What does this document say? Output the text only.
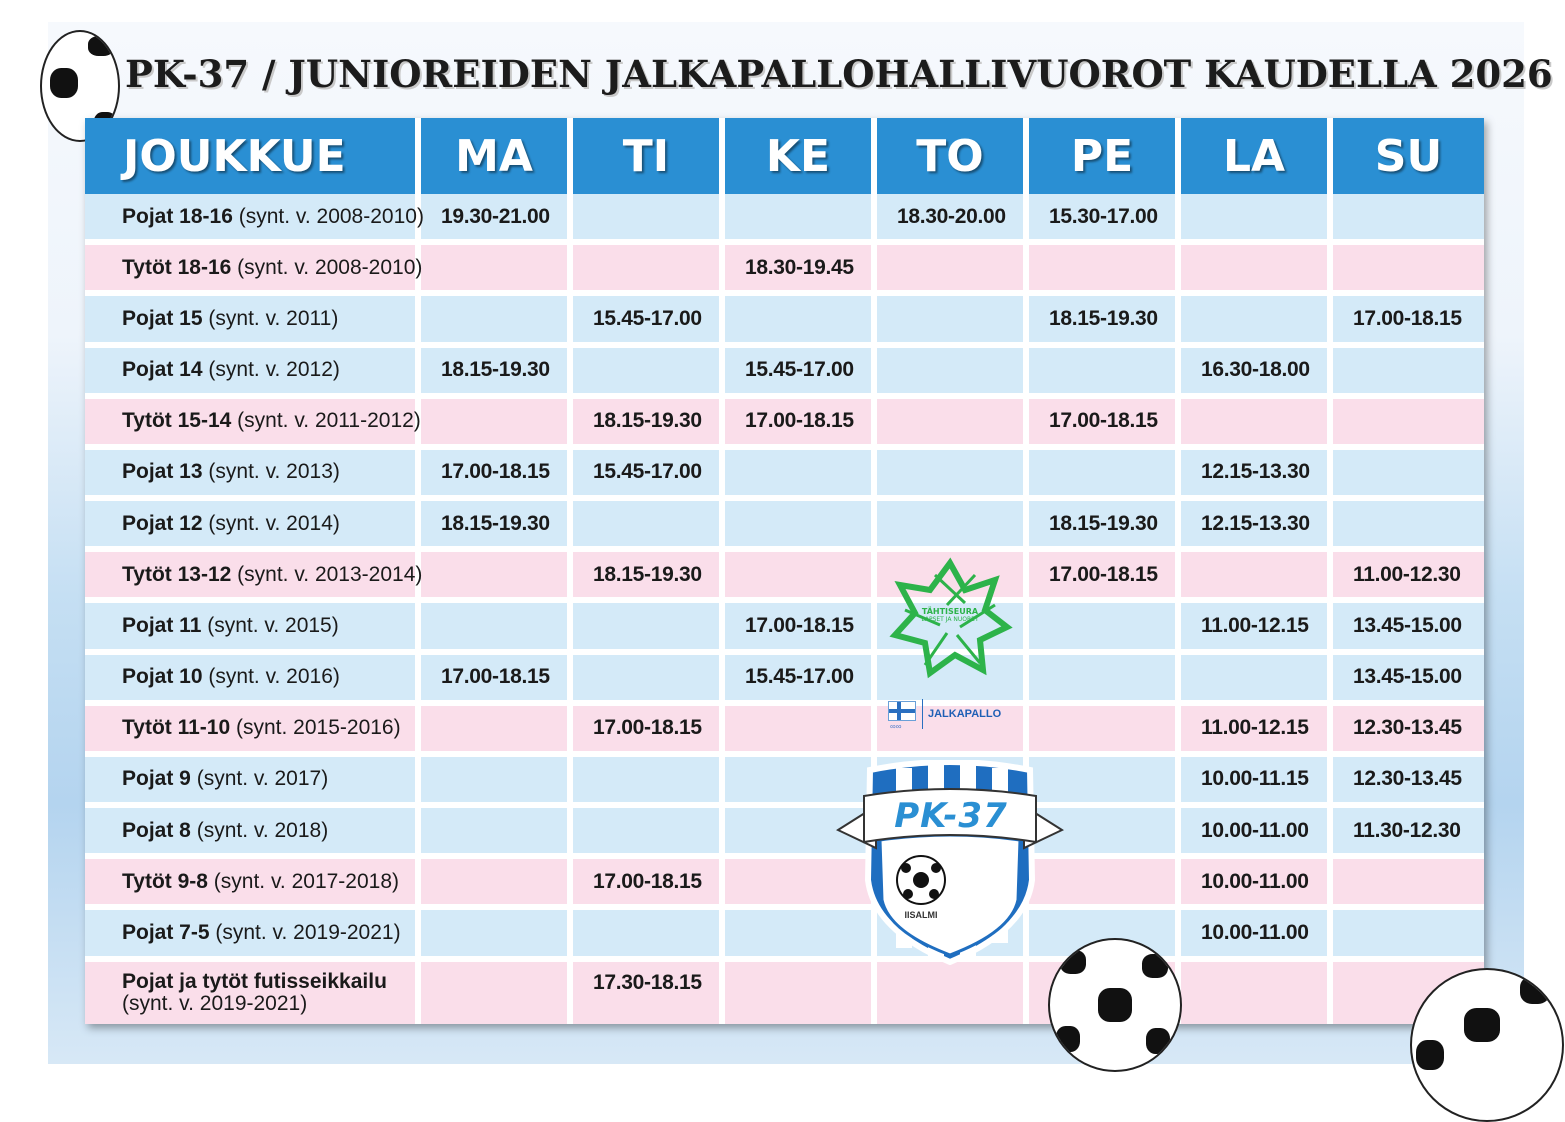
PK-37 / JUNIOREIDEN JALKAPALLOHALLIVUOROT KAUDELLA 2026
JOUKKUE	MA	TI	KE	TO	PE	LA	SU
Pojat 18-16 (synt. v. 2008-2010)	19.30-21.00			18.30-20.00	15.30-17.00		
Tytöt 18-16 (synt. v. 2008-2010)			18.30-19.45				
Pojat 15 (synt. v. 2011)		15.45-17.00			18.15-19.30		17.00-18.15
Pojat 14 (synt. v. 2012)	18.15-19.30		15.45-17.00			16.30-18.00	
Tytöt 15-14 (synt. v. 2011-2012)		18.15-19.30	17.00-18.15		17.00-18.15		
Pojat 13 (synt. v. 2013)	17.00-18.15	15.45-17.00				12.15-13.30	
Pojat 12 (synt. v. 2014)	18.15-19.30				18.15-19.30	12.15-13.30	
Tytöt 13-12 (synt. v. 2013-2014)		18.15-19.30			17.00-18.15		11.00-12.30
Pojat 11 (synt. v. 2015)			17.00-18.15			11.00-12.15	13.45-15.00
Pojat 10 (synt. v. 2016)	17.00-18.15		15.45-17.00				13.45-15.00
Tytöt 11-10 (synt. 2015-2016)		17.00-18.15				11.00-12.15	12.30-13.45
Pojat 9 (synt. v. 2017)						10.00-11.15	12.30-13.45
Pojat 8 (synt. v. 2018)						10.00-11.00	11.30-12.30
Tytöt 9-8 (synt. v. 2017-2018)		17.00-18.15				10.00-11.00	
Pojat 7-5 (synt. v. 2019-2021)						10.00-11.00	
Pojat ja tytöt futisseikkailu
(synt. v. 2019-2021)		17.30-18.15					
TÄHTISEURA
LAPSET JA NUORET
∞∞
JALKAPALLO
PK-37
IISALMI
